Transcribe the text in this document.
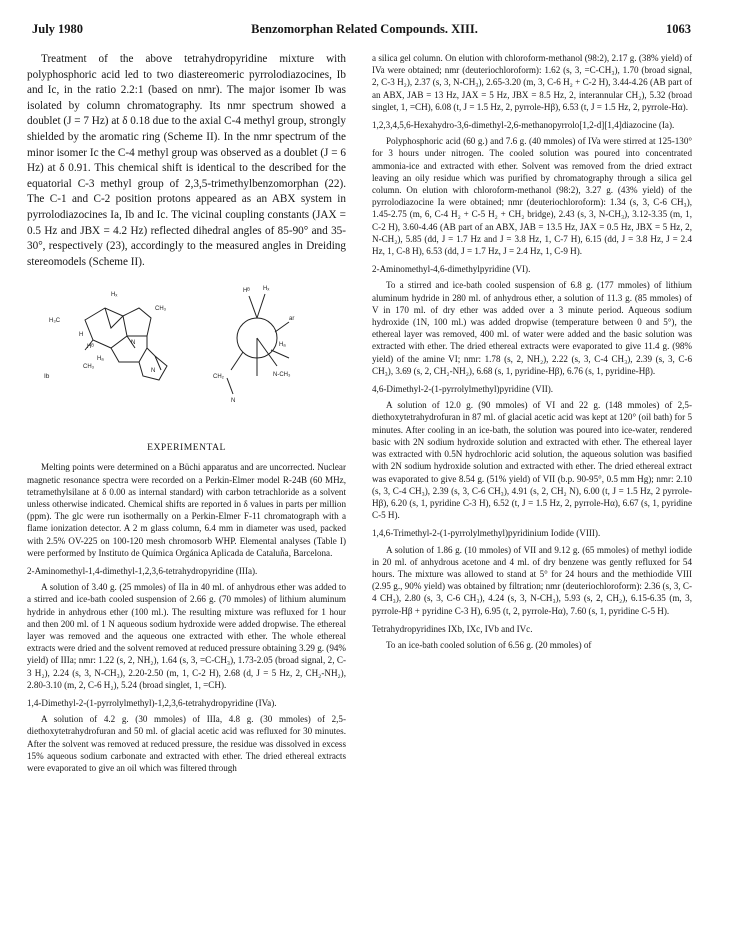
July 1980	Benzomorphan Related Compounds. XIII.	1063

Treatment of the above tetrahydropyridine mixture with polyphosphoric acid led to two diastereomeric pyrrolodiazocines, Ib and Ic, in the ratio 2.2:1 (based on nmr). The major isomer Ib was isolated by column chromatography. Its nmr spectrum showed a doublet (J = 7 Hz) at δ 0.18 due to the axial C-4 methyl group, strongly shielded by the aromatic ring (Scheme II). In the nmr spectrum of the minor isomer Ic the C-4 methyl group was observed as a doublet (J = 6 Hz) at δ 0.91. This chemical shift is identical to the described for the equatorial C-3 methyl group of 2,3,5-trimethylbenzomorphan (22). The C-1 and C-2 position protons appeared as an ABX system in pyrrolodiazocines Ia, Ib and Ic. The vicinal coupling constants (JAX = 0.5 Hz and JBX = 4.2 Hz) reflected dihedral angles of 85-90° and 35-30°, respectively (23), accordingly to the measured angles in Dreiding stereomodels (Scheme II).

H₃C
Hₓ
Hₐ
CH₃
H
Hᴮ
CH₃
N
N
Ib
Hᴮ Hₓ
ar
Hₐ
CH₂	N-CH₃
N

EXPERIMENTAL

Melting points were determined on a Büchi apparatus and are uncorrected. Nuclear magnetic resonance spectra were recorded on a Perkin-Elmer model R-24B (60 MHz, tetramethylsilane at δ 0.00 as internal standard) with carbon tetrachloride as a solvent unless otherwise indicated. Chemical shifts are reported in δ values in parts per million (ppm). The glc were run isothermally on a Perkin-Elmer F-11 chromatograph with a flame ionization detector. A 2 m glass column, 6.4 mm in diameter was used, packed with 2.5% OV-225 on 100-120 mesh chromosorb WHP. Elemental analyses (Table I) were performed by Instituto de Química Orgánica Aplicada de Cataluña, Barcelona.

2-Aminomethyl-1,4-dimethyl-1,2,3,6-tetrahydropyridine (IIIa).

A solution of 3.40 g. (25 mmoles) of IIa in 40 ml. of anhydrous ether was added to a stirred and ice-bath cooled suspension of 2.66 g. (70 mmoles) of lithium aluminum hydride in anhydrous ether (100 ml.). The resulting mixture was refluxed for 1 hour and then 200 ml. of 1 N aqueous sodium hydroxide were added dropwise. The ethereal layer was removed and the aqueous one extracted with ether. The whole ethereal extracts were dried and the solvent removed at reduced pressure obtaining 3.29 g. (94% yield) of IIIa; nmr: 1.22 (s, 2, NH₂), 1.64 (s, 3, =C-CH₃), 1.73-2.05 (broad signal, 2, C-3 H₂), 2.24 (s, 3, N-CH₃), 2.20-2.50 (m, 1, C-2 H), 2.68 (d, J = 5 Hz, 2, CH₂-NH₂), 2.80-3.10 (m, 2, C-6 H₂), 5.24 (broad singlet, 1, =CH).

1,4-Dimethyl-2-(1-pyrrolylmethyl)-1,2,3,6-tetrahydropyridine (IVa).

A solution of 4.2 g. (30 mmoles) of IIIa, 4.8 g. (30 mmoles) of 2,5-diethoxytetrahydrofuran and 50 ml. of glacial acetic acid was refluxed for 30 minutes. After the solvent was removed at reduced pressure, the residue was dissolved in excess 15% aqueous sodium carbonate and extracted with ether. The dried ethereal extracts were evaporated to give an oil which was filtered through

a silica gel column. On elution with chloroform-methanol (98:2), 2.17 g. (38% yield) of IVa were obtained; nmr (deuteriochloroform): 1.62 (s, 3, =C-CH₃), 1.70 (broad signal, 2, C-3 H₂), 2.37 (s, 3, N-CH₃), 2.65-3.20 (m, 3, C-6 H₂ + C-2 H), 3.44-4.26 (AB part of an ABX, JAB = 13 Hz, JAX = 5 Hz, JBX = 8.5 Hz, 2, interannular CH₂), 5.32 (broad singlet, 1, =CH), 6.08 (t, J = 1.5 Hz, 2, pyrrole-Hβ), 6.53 (t, J = 1.5 Hz, 2, pyrrole-Hα).

1,2,3,4,5,6-Hexahydro-3,6-dimethyl-2,6-methanopyrrolo[1,2-d][1,4]diazocine (Ia).

Polyphosphoric acid (60 g.) and 7.6 g. (40 mmoles) of IVa were stirred at 125-130° for 3 hours under nitrogen. The cooled solution was poured into concentrated ammonia-ice and extracted with ether. Solvent was removed from the dried extract leaving an oily residue which was purified by chromatography through a silica gel column. On elution with chloroform-methanol (98:2), 3.27 g. (43% yield) of the pyrrolodiazocine Ia were obtained; nmr (deuteriochloroform): 1.34 (s, 3, C-6 CH₃), 1.45-2.75 (m, 6, C-4 H₂ + C-5 H₂ + CH₂ bridge), 2.43 (s, 3, N-CH₃), 3.12-3.35 (m, 1, C-2 H), 3.60-4.46 (AB part of an ABX, JAB = 13.5 Hz, JAX = 0.5 Hz, JBX = 5 Hz, 2, N-CH₂), 5.85 (dd, J = 1.7 Hz and J = 3.8 Hz, 1, C-7 H), 6.15 (dd, J = 3.8 Hz, J = 2.4 Hz, 1, C-8 H), 6.53 (dd, J = 1.7 Hz, J = 2.4 Hz, 1, C-9 H).

2-Aminomethyl-4,6-dimethylpyridine (VI).

To a stirred and ice-bath cooled suspension of 6.8 g. (177 mmoles) of lithium aluminum hydride in 280 ml. of anhydrous ether, a solution of 11.3 g. (85 mmoles) of V in 170 ml. of dry ether was added over a 3 minute period. Aqueous sodium hydroxide (1N, 100 ml.) was added dropwise (temperature between 0 and 5°), the ethereal layer was removed, 400 ml. of water were added and the basic solution was extracted with ether. The dried ethereal extracts were evaporated to give 11.4 g. (98% yield) of the amine VI; nmr: 1.78 (s, 2, NH₂), 2.22 (s, 3, C-4 CH₃), 2.39 (s, 3, C-6 CH₃), 3.69 (s, 2, CH₂-NH₂), 6.68 (s, 1, pyridine-Hβ), 6.76 (s, 1, pyridine-Hβ).

4,6-Dimethyl-2-(1-pyrrolylmethyl)pyridine (VII).

A solution of 12.0 g. (90 mmoles) of VI and 22 g. (148 mmoles) of 2,5-diethoxytetrahydrofuran in 87 ml. of glacial acetic acid was kept at 120° (oil bath) for 5 minutes. After cooling in an ice-bath, the solution was poured into ice-water, rendered basic with 2N sodium hydroxide solution and extracted with ether. The ethereal layer was extracted with 0.5N hydrochloric acid solution, the aqueous solution was basified with 2N sodium hydroxide solution and extracted with ether. The dried ethereal extract was evaporated to give 8.54 g. (51% yield) of VII (b.p. 90-95°, 0.5 mm Hg); nmr: 2.10 (s, 3, C-4 CH₃), 2.39 (s, 3, C-6 CH₃), 4.91 (s, 2, CH₂ N), 6.00 (t, J = 1.5 Hz, 2 pyrrole-Hβ), 6.20 (s, 1, pyridine C-3 H), 6.52 (t, J = 1.5 Hz, 2, pyrrole-Hα), 6.67 (s, 1, pyridine C-5 H).

1,4,6-Trimethyl-2-(1-pyrrolylmethyl)pyridinium Iodide (VIII).

A solution of 1.86 g. (10 mmoles) of VII and 9.12 g. (65 mmoles) of methyl iodide in 20 ml. of anhydrous acetone and 4 ml. of dry benzene was gently refluxed for 54 hours. The mixture was allowed to stand at 5° for 24 hours and the methiodide VIII (2.95 g., 90% yield) was obtained by filtration; nmr (deuteriochloroform): 2.36 (s, 3, C-4 CH₃), 2.80 (s, 3, C-6 CH₃), 4.24 (s, 3, N-CH₃), 5.93 (s, 2, CH₂), 6.15-6.35 (m, 3, pyrrole-Hβ + pyridine C-3 H), 6.95 (t, 2, pyrrole-Hα), 7.60 (s, 1, pyridine C-5 H).

Tetrahydropyridines IXb, IXc, IVb and IVc.

To an ice-bath cooled solution of 6.56 g. (20 mmoles) of
